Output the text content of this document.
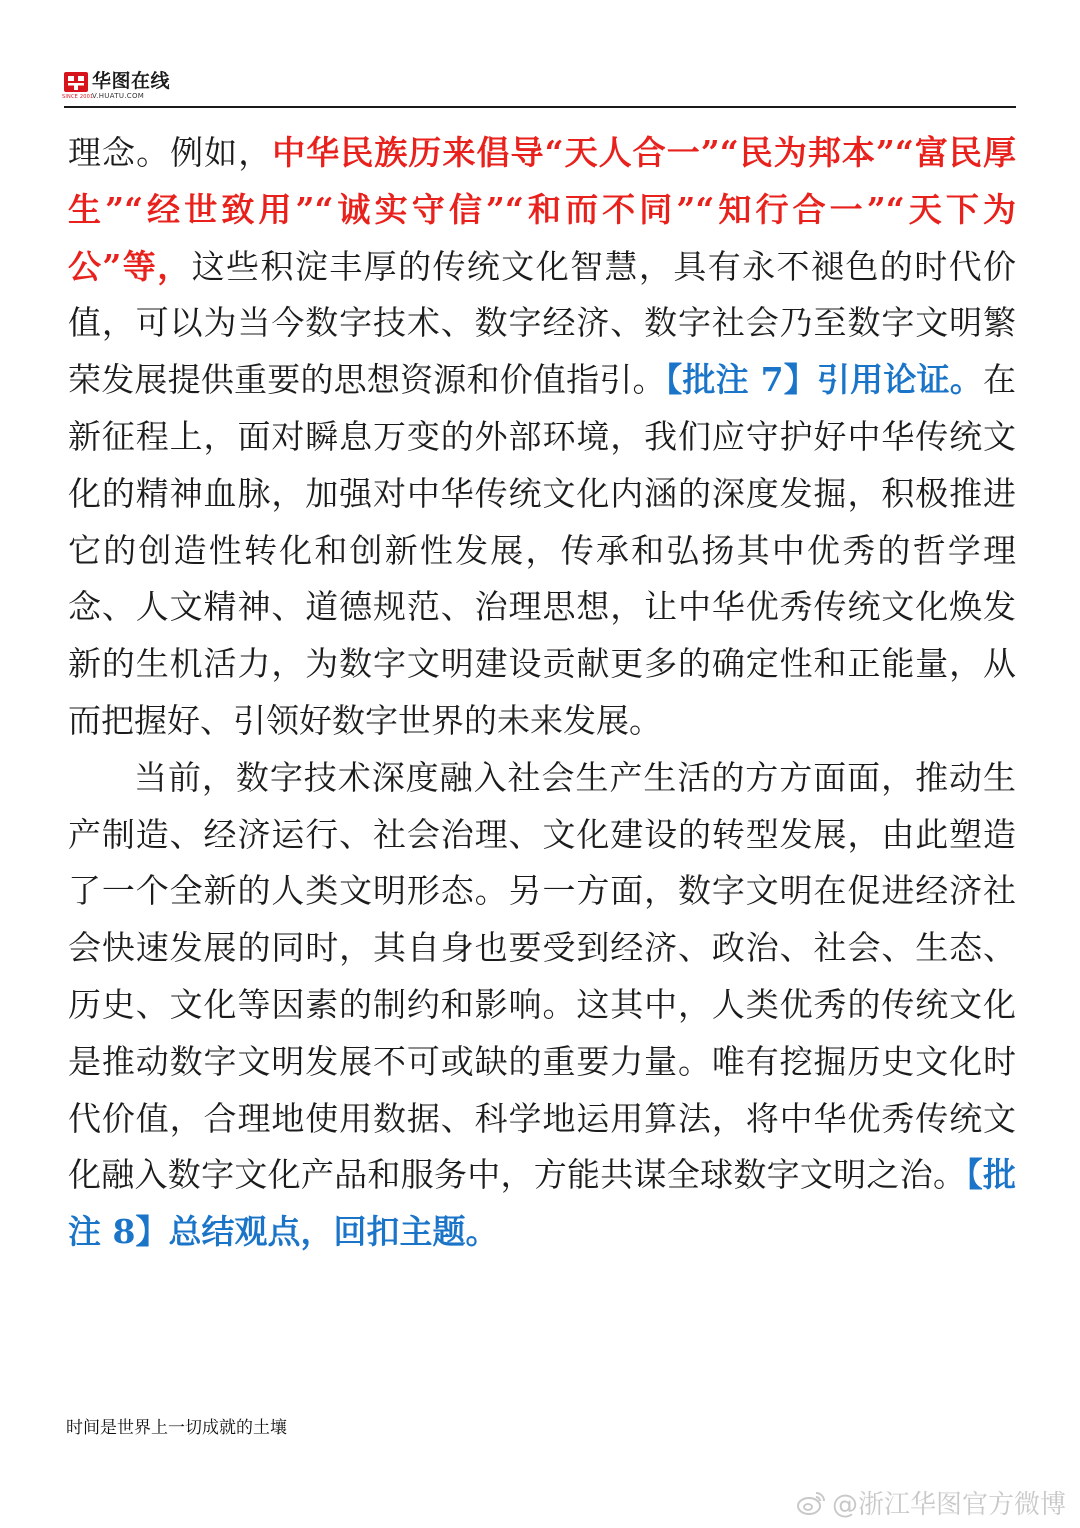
SINCE 2001
华图在线
V.HUATU.COM

理念。例如，中华民族历来倡导“天人合一”“民为邦本”“富民厚生”“经世致用”“诚实守信”“和而不同”“知行合一”“天下为公”等，这些积淀丰厚的传统文化智慧，具有永不褪色的时代价值，可以为当今数字技术、数字经济、数字社会乃至数字文明繁荣发展提供重要的思想资源和价值指引。【批注 7】引用论证。在新征程上，面对瞬息万变的外部环境，我们应守护好中华传统文化的精神血脉，加强对中华传统文化内涵的深度发掘，积极推进它的创造性转化和创新性发展，传承和弘扬其中优秀的哲学理念、人文精神、道德规范、治理思想，让中华优秀传统文化焕发新的生机活力，为数字文明建设贡献更多的确定性和正能量，从而把握好、引领好数字世界的未来发展。

当前，数字技术深度融入社会生产生活的方方面面，推动生产制造、经济运行、社会治理、文化建设的转型发展，由此塑造了一个全新的人类文明形态。另一方面，数字文明在促进经济社会快速发展的同时，其自身也要受到经济、政治、社会、生态、历史、文化等因素的制约和影响。这其中，人类优秀的传统文化是推动数字文明发展不可或缺的重要力量。唯有挖掘历史文化时代价值，合理地使用数据、科学地运用算法，将中华优秀传统文化融入数字文化产品和服务中，方能共谋全球数字文明之治。【批注 8】总结观点，回扣主题。

时间是世界上一切成就的土壤
@浙江华图官方微博
